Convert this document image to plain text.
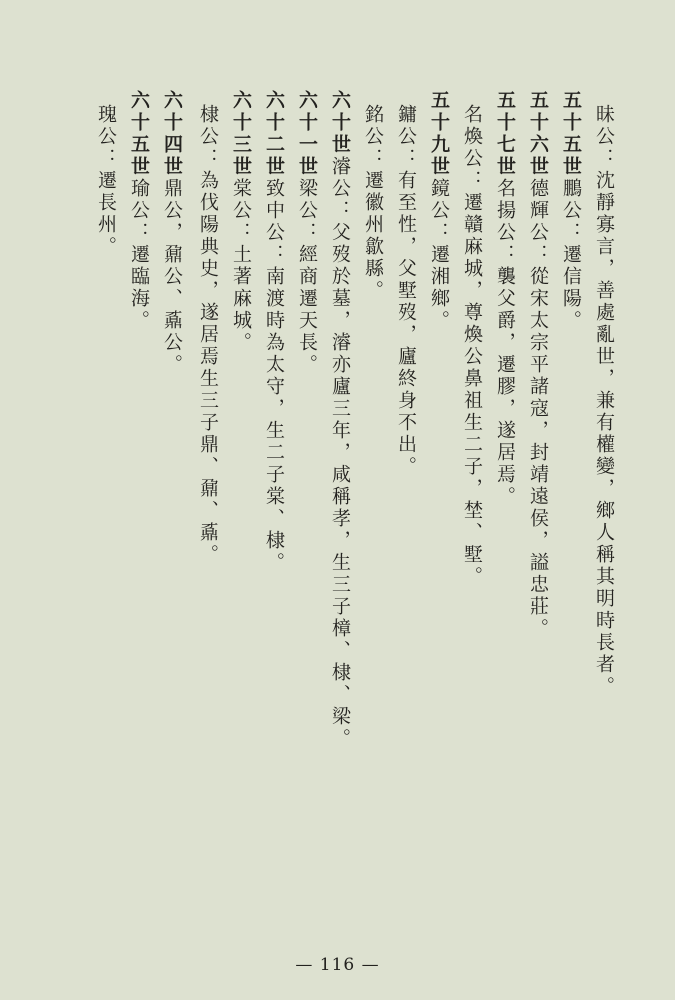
昧公：沈靜寡言，善處亂世，兼有權變，鄉人稱其明時長者。
五十五世鵬公：遷信陽。
五十六世德輝公：從宋太宗平諸寇，封靖遠侯，謚忠莊。
五十七世名揚公：襲父爵，遷膠，遂居焉。
名煥公：遷贛麻城，尊煥公鼻祖生二子，埜、墅。
五十九世鏡公：遷湘鄉。
鏞公：有至性，父墅歿，廬終身不出。
銘公：遷徽州歙縣。
六十世濬公：父歿於墓，濬亦廬三年，咸稱孝，生三子樟、棣、梁。
六十一世梁公：經商遷天長。
六十二世致中公：南渡時為太守，生二子棠、棣。
六十三世棠公：土著麻城。
棣公：為伐陽典史，遂居焉生三子鼎、鼐、鼒。
六十四世鼎公，鼐公、鼒公。
六十五世瑜公：遷臨海。
瑰公：遷長州。
— 116 —
